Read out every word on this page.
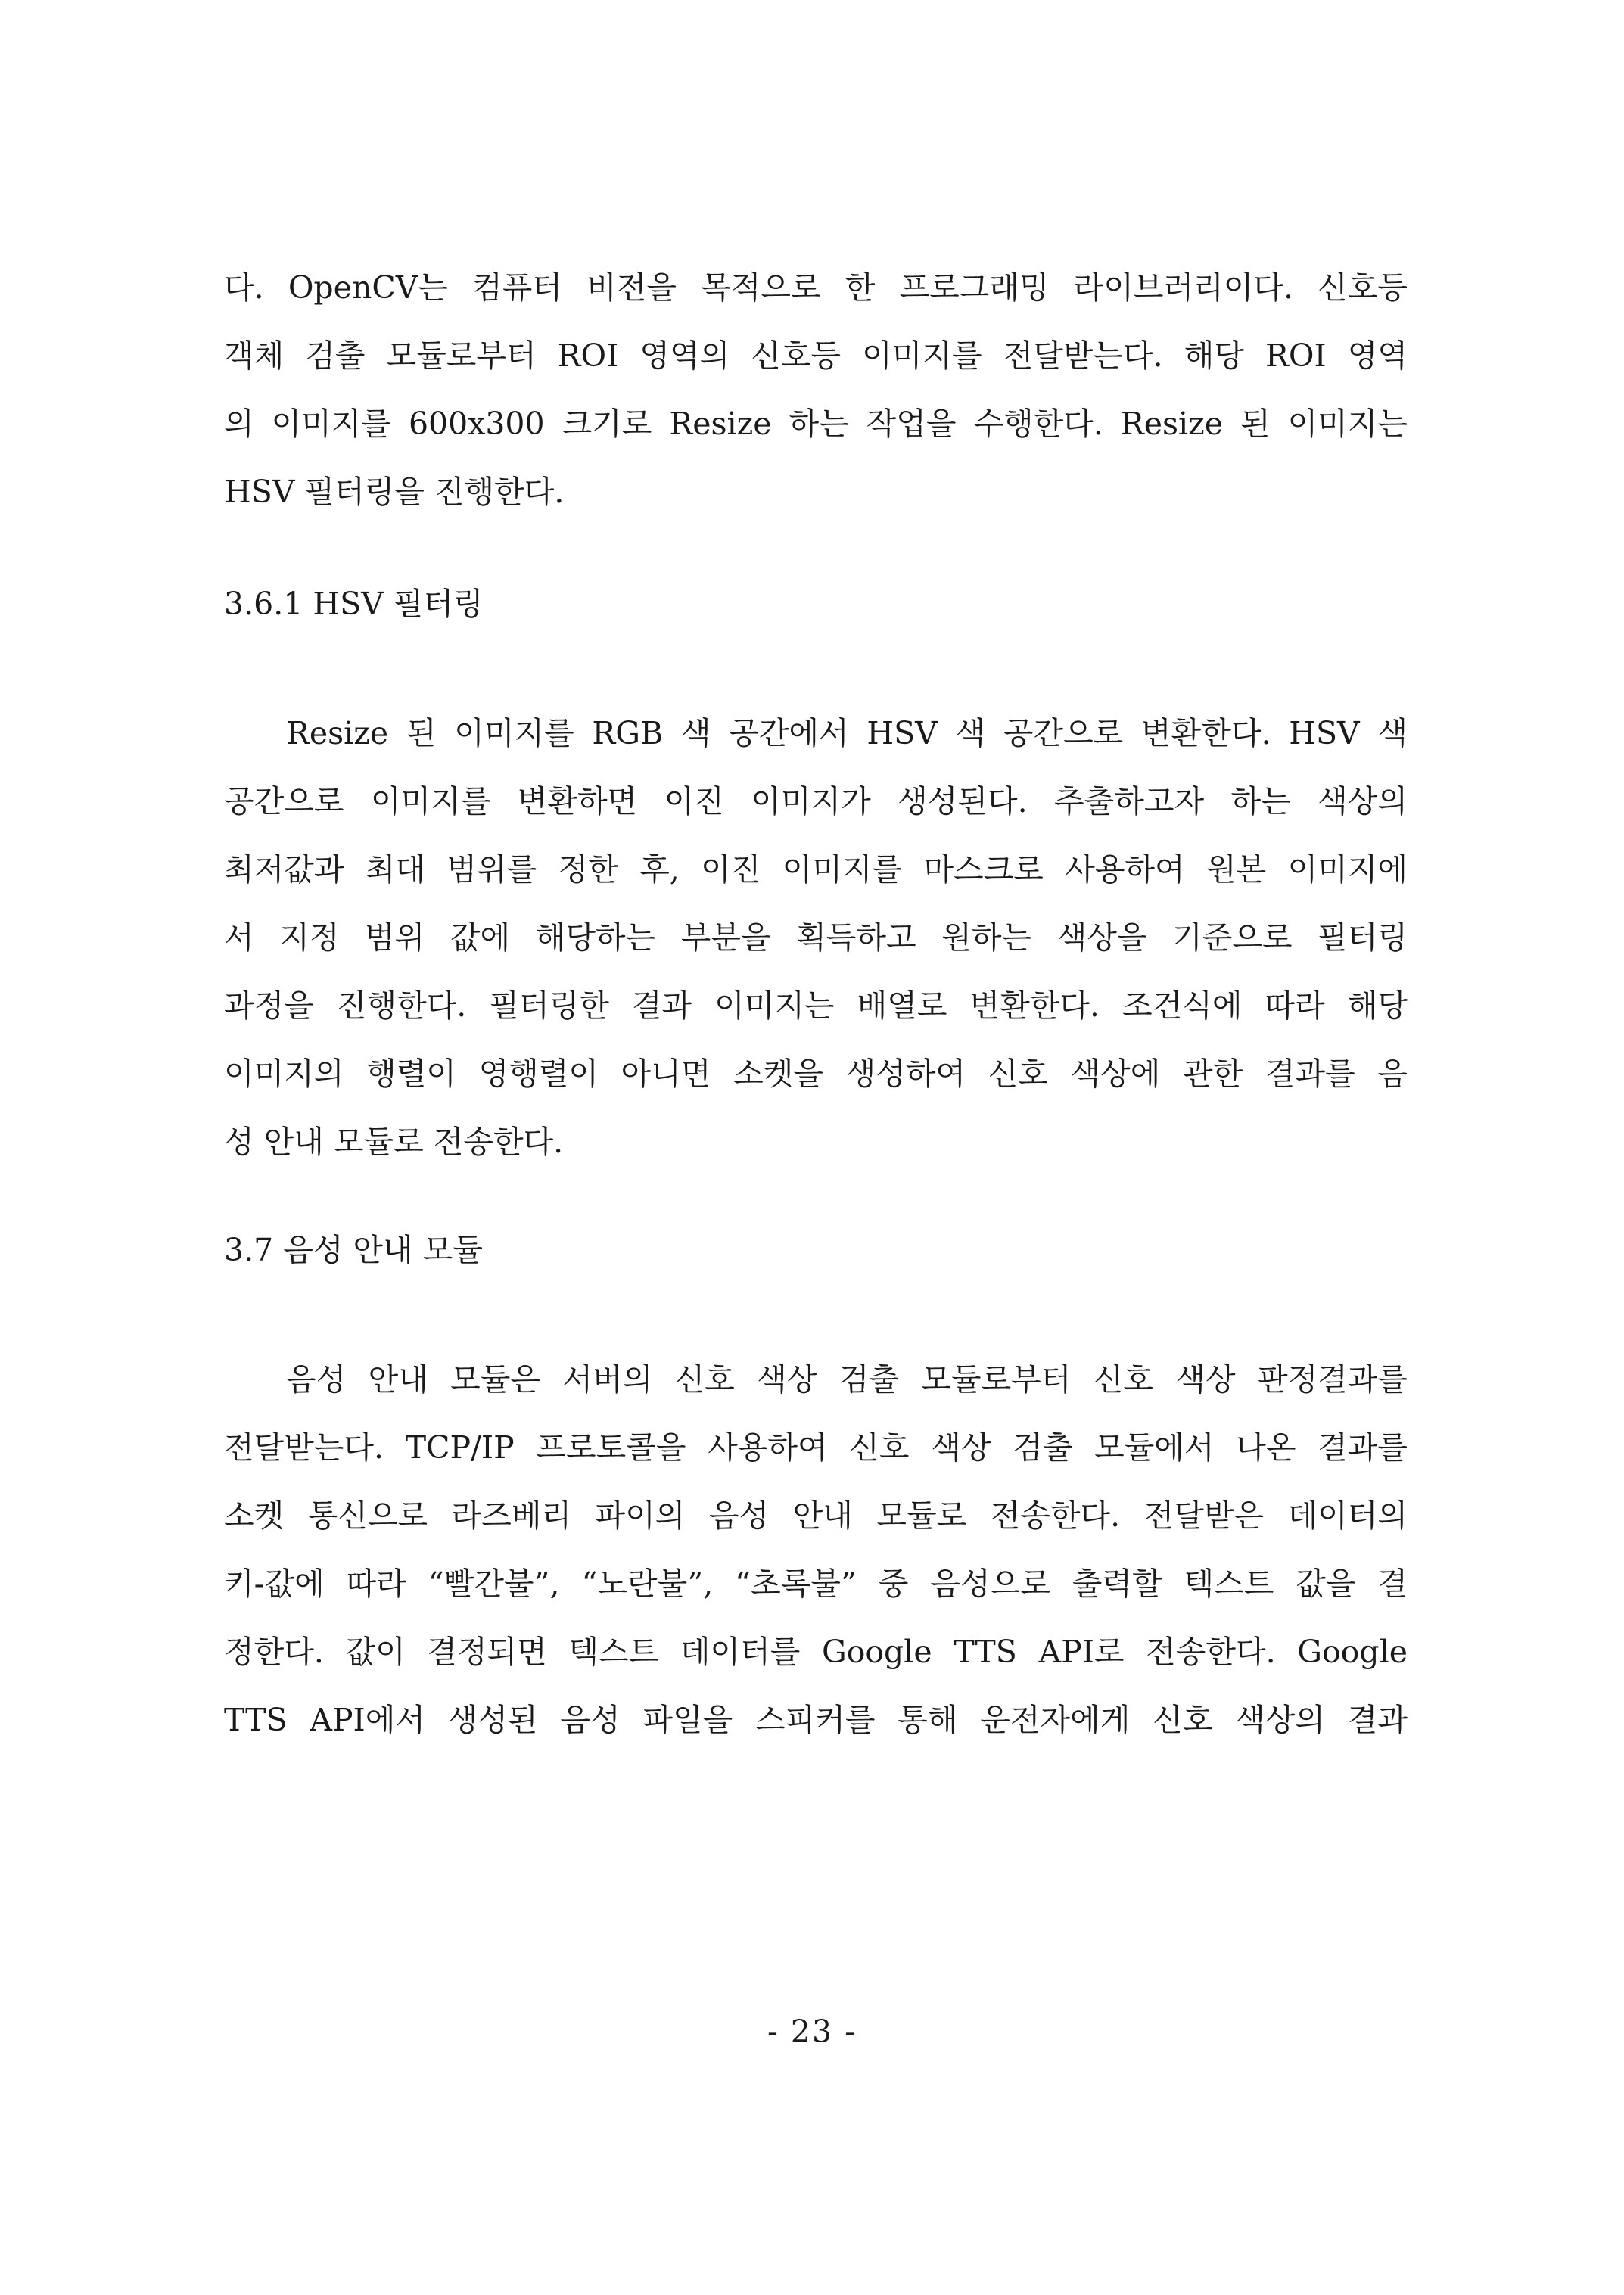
다. OpenCV는 컴퓨터 비전을 목적으로 한 프로그래밍 라이브러리이다. 신호등
객체 검출 모듈로부터 ROI 영역의 신호등 이미지를 전달받는다. 해당 ROI 영역
의 이미지를 600x300 크기로 Resize 하는 작업을 수행한다. Resize 된 이미지는
HSV 필터링을 진행한다.
3.6.1 HSV 필터링
Resize 된 이미지를 RGB 색 공간에서 HSV 색 공간으로 변환한다. HSV 색
공간으로 이미지를 변환하면 이진 이미지가 생성된다. 추출하고자 하는 색상의
최저값과 최대 범위를 정한 후, 이진 이미지를 마스크로 사용하여 원본 이미지에
서 지정 범위 값에 해당하는 부분을 획득하고 원하는 색상을 기준으로 필터링
과정을 진행한다. 필터링한 결과 이미지는 배열로 변환한다. 조건식에 따라 해당
이미지의 행렬이 영행렬이 아니면 소켓을 생성하여 신호 색상에 관한 결과를 음
성 안내 모듈로 전송한다.
3.7 음성 안내 모듈
음성 안내 모듈은 서버의 신호 색상 검출 모듈로부터 신호 색상 판정결과를
전달받는다. TCP/IP 프로토콜을 사용하여 신호 색상 검출 모듈에서 나온 결과를
소켓 통신으로 라즈베리 파이의 음성 안내 모듈로 전송한다. 전달받은 데이터의
키-값에 따라 “빨간불”, “노란불”, “초록불” 중 음성으로 출력할 텍스트 값을 결
정한다. 값이 결정되면 텍스트 데이터를 Google TTS API로 전송한다. Google
TTS API에서 생성된 음성 파일을 스피커를 통해 운전자에게 신호 색상의 결과
- 23 -
